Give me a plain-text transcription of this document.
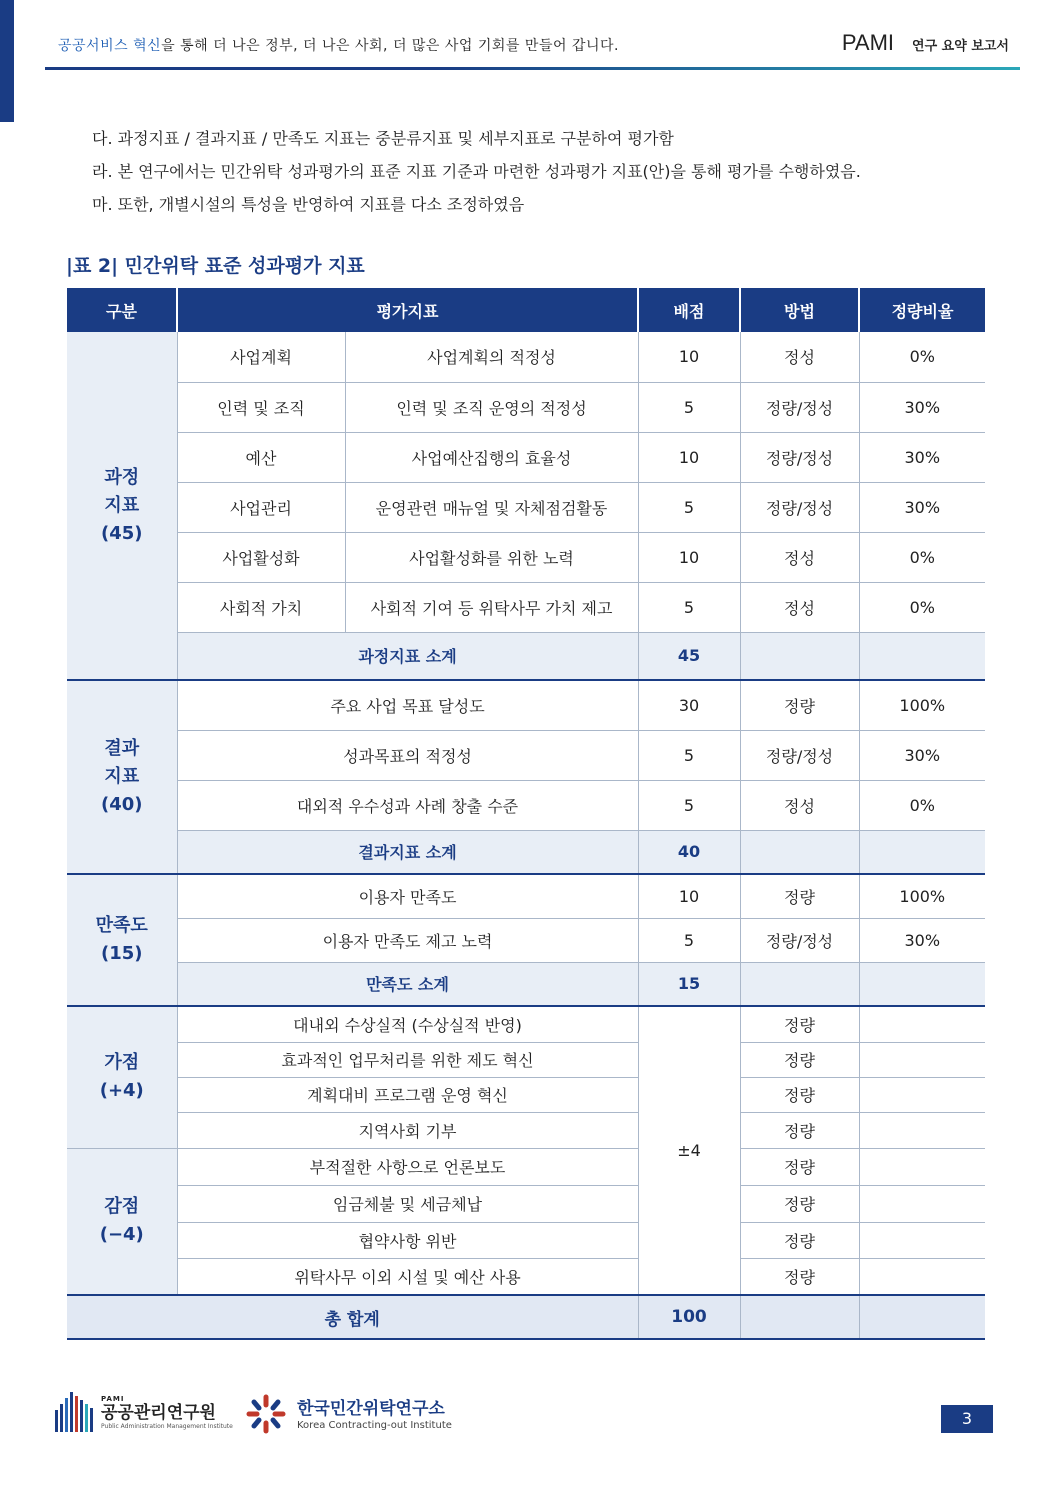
공공서비스 혁신을 통해 더 나은 정부, 더 나은 사회, 더 많은 사업 기회를 만들어 갑니다.	PAMI 연구 요약 보고서

다. 과정지표 / 결과지표 / 만족도 지표는 중분류지표 및 세부지표로 구분하여 평가함

라. 본 연구에서는 민간위탁 성과평가의 표준 지표 기준과 마련한 성과평가 지표(안)을 통해 평가를 수행하였음.

마. 또한, 개별시설의 특성을 반영하여 지표를 다소 조정하였음

|표 2| 민간위탁 표준 성과평가 지표
구분	평가지표		배점	방법	정량비율

과정
지표
(45)	사업계획	사업계획의 적정성	10	정성	0%
	인력 및 조직	인력 및 조직 운영의 적정성	5	정량/정성	30%
	예산	사업예산집행의 효율성	10	정량/정성	30%
	사업관리	운영관련 매뉴얼 및 자체점검활동	5	정량/정성	30%
	사업활성화	사업활성화를 위한 노력	10	정성	0%
	사회적 가치	사회적 기여 등 위탁사무 가치 제고	5	정성	0%
	과정지표 소계		45		

결과
지표
(40)	주요 사업 목표 달성도		30	정량	100%
	성과목표의 적정성		5	정량/정성	30%
	대외적 우수성과 사례 창출 수준		5	정성	0%
	결과지표 소계		40		

만족도
(15)	이용자 만족도		10	정량	100%
	이용자 만족도 제고 노력		5	정량/정성	30%
	만족도 소계		15		

가점
(+4)	대내외 수상실적 (수상실적 반영)		±4	정량	
	효과적인 업무처리를 위한 제도 혁신			정량	
	계획대비 프로그램 운영 혁신			정량	
	지역사회 기부			정량	

감점
(−4)	부적절한 사항으로 언론보도			정량	
	임금체불 및 세금체납			정량	
	협약사항 위반			정량	
	위탁사무 이외 시설 및 예산 사용			정량	
총 합계			100		
PAMI
공공관리연구원
Public Administration Management Institute
한국민간위탁연구소
Korea Contracting-out Institute	3
